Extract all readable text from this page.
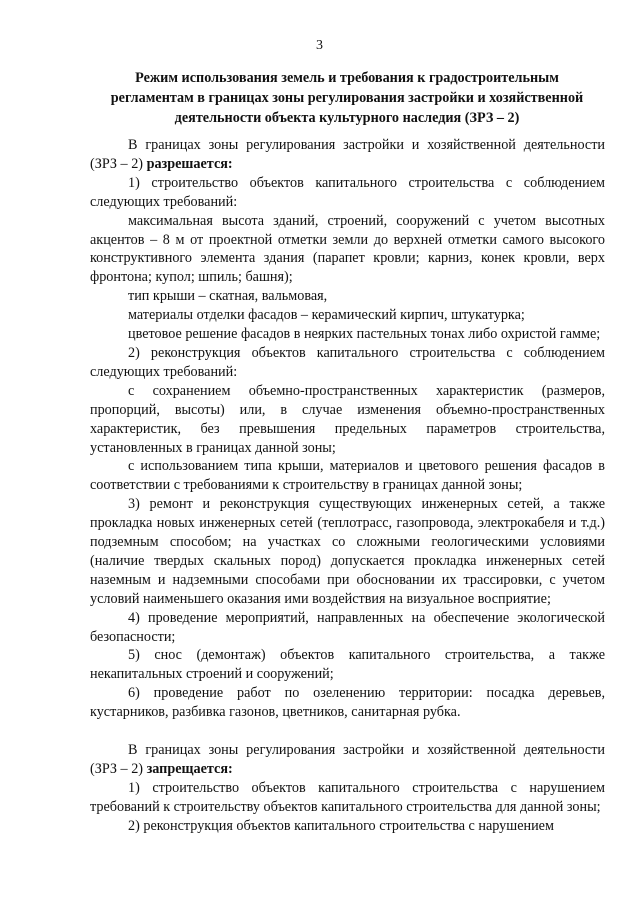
3
Режим использования земель и требования к градостроительным
регламентам в границах зоны регулирования застройки и хозяйственной
деятельности объекта культурного наследия (ЗРЗ – 2)

В границах зоны регулирования застройки и хозяйственной деятельности (ЗРЗ – 2) разрешается:

1) строительство объектов капитального строительства с соблюдением следующих требований:

максимальная высота зданий, строений, сооружений с учетом высотных акцентов – 8 м от проектной отметки земли до верхней отметки самого высокого конструктивного элемента здания (парапет кровли; карниз, конек кровли, верх фронтона; купол; шпиль; башня);

тип крыши – скатная, вальмовая,

материалы отделки фасадов – керамический кирпич, штукатурка;

цветовое решение фасадов в неярких пастельных тонах либо охристой гамме;

2) реконструкция объектов капитального строительства с соблюдением следующих требований:

с сохранением объемно-пространственных характеристик (размеров, пропорций, высоты) или, в случае изменения объемно-пространственных характеристик, без превышения предельных параметров строительства, установленных в границах данной зоны;

с использованием типа крыши, материалов и цветового решения фасадов в соответствии с требованиями к строительству в границах данной зоны;

3) ремонт и реконструкция существующих инженерных сетей, а также прокладка новых инженерных сетей (теплотрасс, газопровода, электрокабеля и т.д.) подземным способом; на участках со сложными геологическими условиями (наличие твердых скальных пород) допускается прокладка инженерных сетей наземным и надземными способами при обосновании их трассировки, с учетом условий наименьшего оказания ими воздействия на визуальное восприятие;

4) проведение мероприятий, направленных на обеспечение экологической безопасности;

5) снос (демонтаж) объектов капитального строительства, а также некапитальных строений и сооружений;

6) проведение работ по озеленению территории: посадка деревьев, кустарников, разбивка газонов, цветников, санитарная рубка.

В границах зоны регулирования застройки и хозяйственной деятельности (ЗРЗ – 2) запрещается:

1) строительство объектов капитального строительства с нарушением требований к строительству объектов капитального строительства для данной зоны;

2) реконструкция объектов капитального строительства с нарушением
